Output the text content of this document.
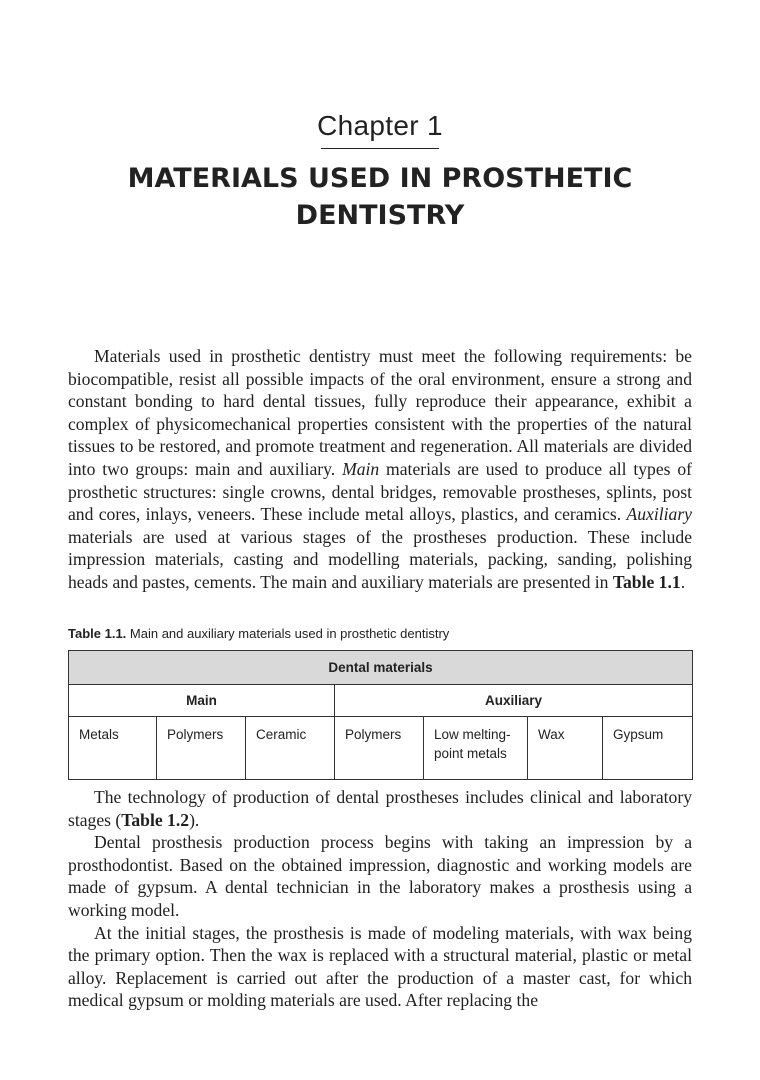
Chapter 1
MATERIALS USED IN PROSTHETIC DENTISTRY

Materials used in prosthetic dentistry must meet the following requirements: be biocompatible, resist all possible impacts of the oral environment, ensure a strong and constant bonding to hard dental tissues, fully reproduce their appearance, exhibit a complex of physicomechanical properties consistent with the properties of the natural tissues to be restored, and promote treatment and regeneration. All materials are divided into two groups: main and auxiliary. Main materials are used to produce all types of prosthetic structures: single crowns, dental bridges, removable prostheses, splints, post and cores, inlays, veneers. These include metal alloys, plastics, and ceramics. Auxiliary materials are used at various stages of the prostheses production. These include impression materials, casting and modelling materials, packing, sanding, polishing heads and pastes, cements. The main and auxiliary materials are presented in Table 1.1.

Table 1.1. Main and auxiliary materials used in prosthetic dentistry
Dental materials						
Main			Auxiliary			
Metals	Polymers	Ceramic	Polymers	Low melting-point metals	Wax	Gypsum

The technology of production of dental prostheses includes clinical and laboratory stages (Table 1.2).

Dental prosthesis production process begins with taking an impression by a prosthodontist. Based on the obtained impression, diagnostic and working models are made of gypsum. A dental technician in the laboratory makes a prosthesis using a working model.

At the initial stages, the prosthesis is made of modeling materials, with wax being the primary option. Then the wax is replaced with a structural material, plastic or metal alloy. Replacement is carried out after the production of a master cast, for which medical gypsum or molding materials are used. After replacing the
